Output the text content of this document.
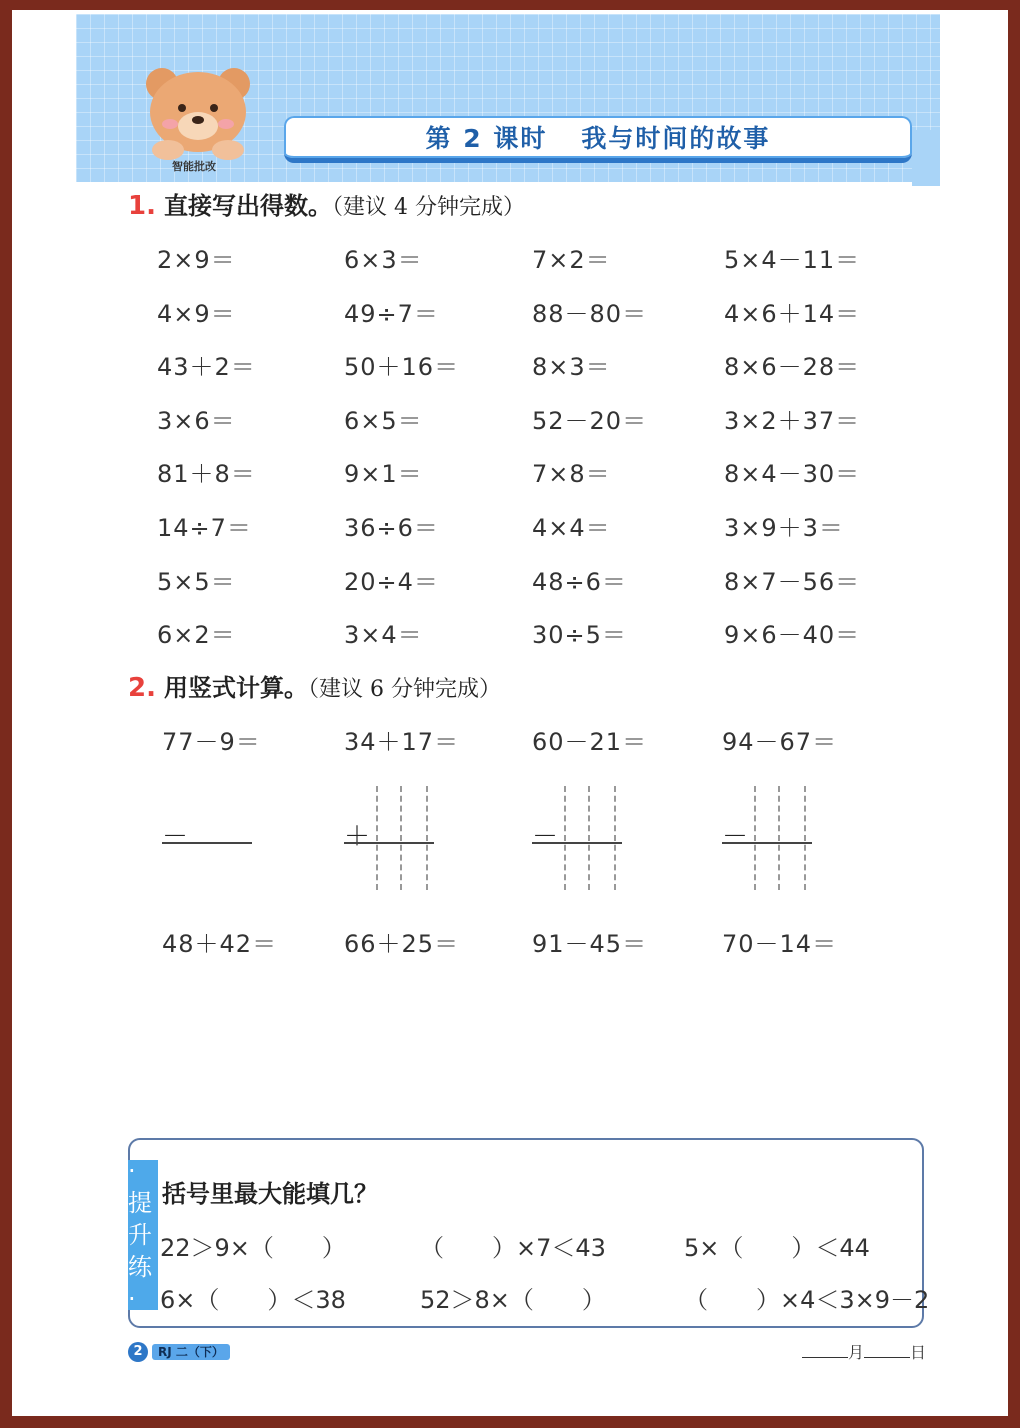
智能批改
第 2 课时 我与时间的故事
1. 直接写出得数。（建议 4 分钟完成）
2×9＝	6×3＝	7×2＝	5×4－11＝
4×9＝	49÷7＝	88－80＝	4×6＋14＝
43＋2＝	50＋16＝	8×3＝	8×6－28＝
3×6＝	6×5＝	52－20＝	3×2＋37＝
81＋8＝	9×1＝	7×8＝	8×4－30＝
14÷7＝	36÷6＝	4×4＝	3×9＋3＝
5×5＝	20÷4＝	48÷6＝	8×7－56＝
6×2＝	3×4＝	30÷5＝	9×6－40＝
2. 用竖式计算。（建议 6 分钟完成）
77－9＝	34＋17＝	60－21＝	94－67＝
－	＋	－	－
48＋42＝	66＋25＝	91－45＝	70－14＝
·提升练·
括号里最大能填几？
22＞9×（　　）	（　　）×7＜43	5×（　　）＜44
6×（　　）＜38	52＞8×（　　）	（　　）×4＜3×9－2
2	RJ 二（下）	月	日
